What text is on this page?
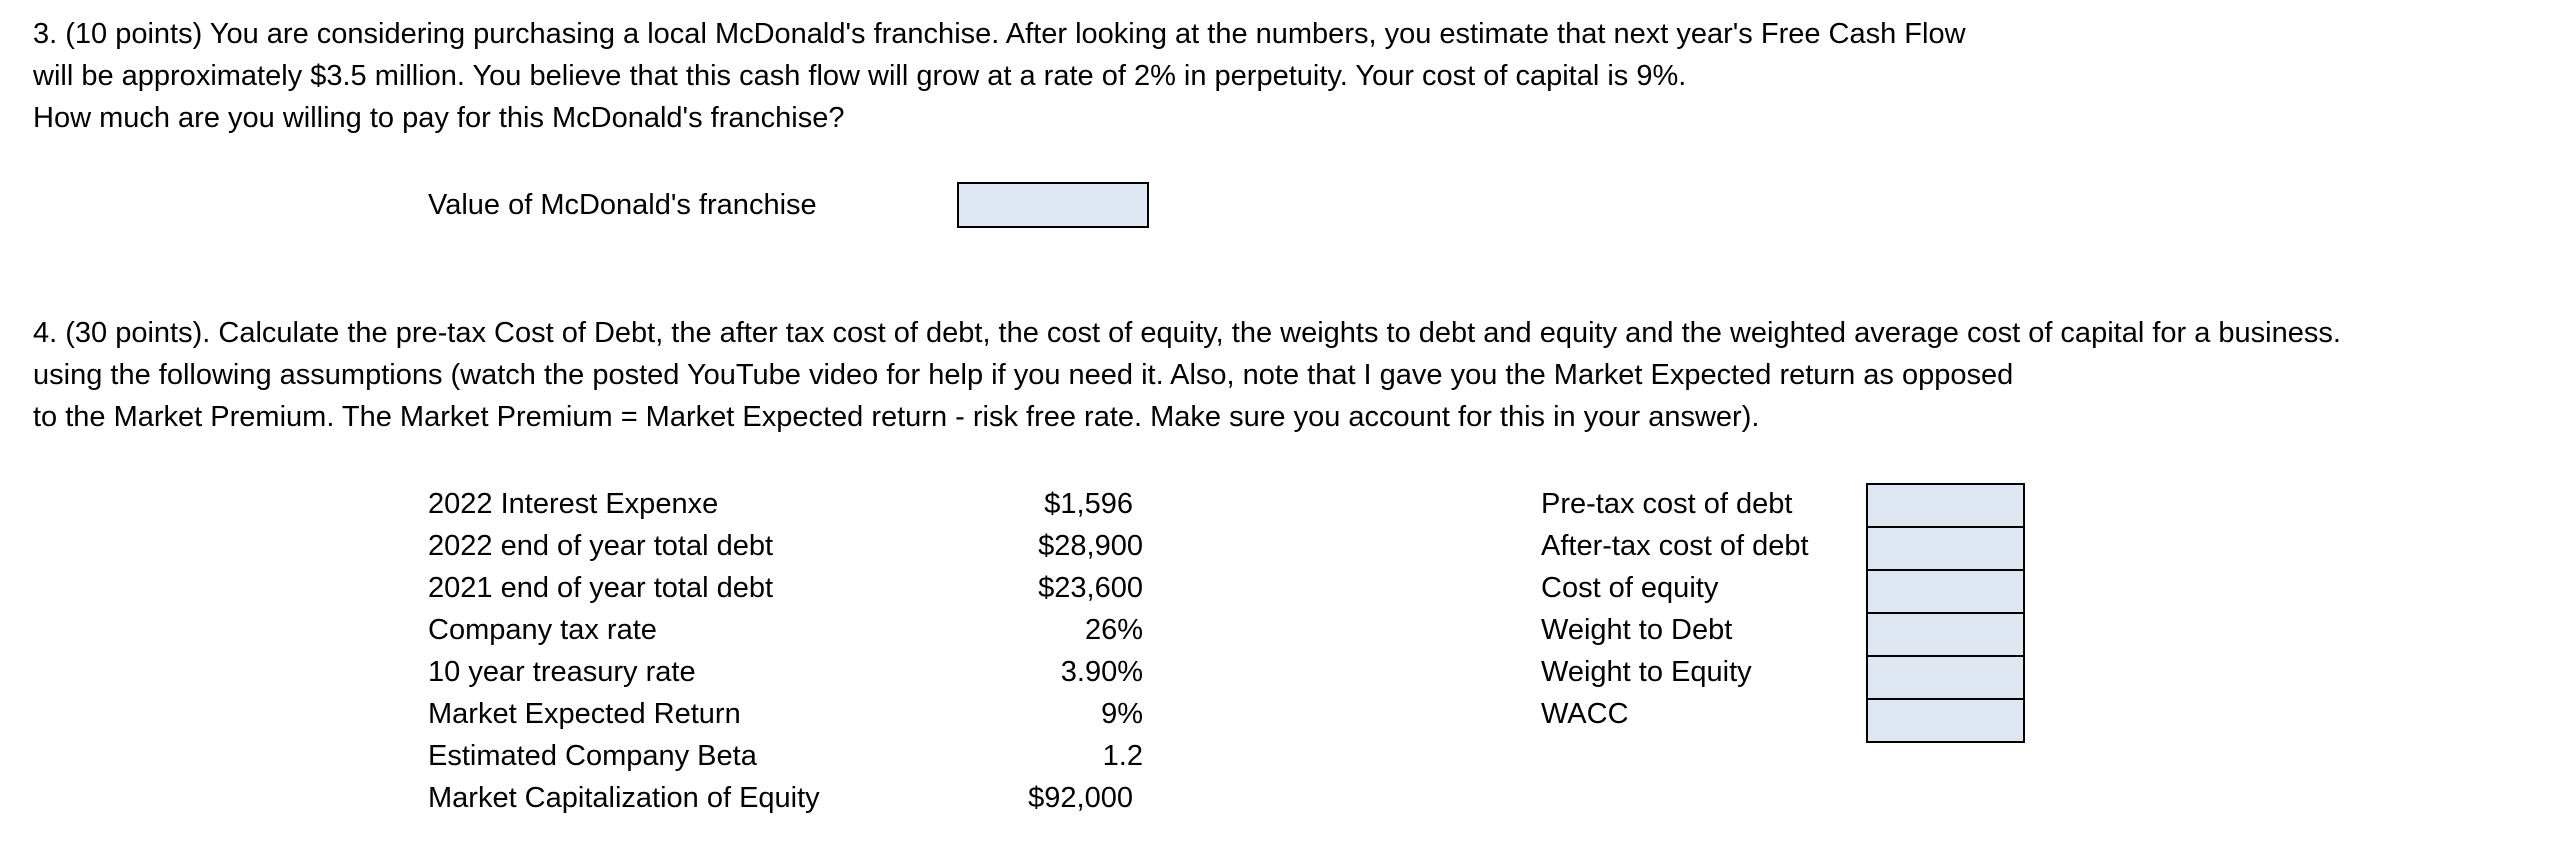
3. (10 points) You are considering purchasing a local McDonald's franchise. After looking at the numbers, you estimate that next year's Free Cash Flow
will be approximately $3.5 million. You believe that this cash flow will grow at a rate of 2% in perpetuity. Your cost of capital is 9%.
How much are you willing to pay for this McDonald's franchise?
Value of McDonald's franchise
4. (30 points). Calculate the pre-tax Cost of Debt, the after tax cost of debt, the cost of equity, the weights to debt and equity and the weighted average cost of capital for a business.
using the following assumptions (watch the posted YouTube video for help if you need it. Also, note that I gave you the Market Expected return as opposed
to the Market Premium. The Market Premium = Market Expected return - risk free rate. Make sure you account for this in your answer).
2022 Interest Expenxe	$1,596
2022 end of year total debt	$28,900
2021 end of year total debt	$23,600
Company tax rate	26%
10 year treasury rate	3.90%
Market Expected Return	9%
Estimated Company Beta	1.2
Market Capitalization of Equity	$92,000
Pre-tax cost of debt
After-tax cost of debt
Cost of equity
Weight to Debt
Weight to Equity
WACC
